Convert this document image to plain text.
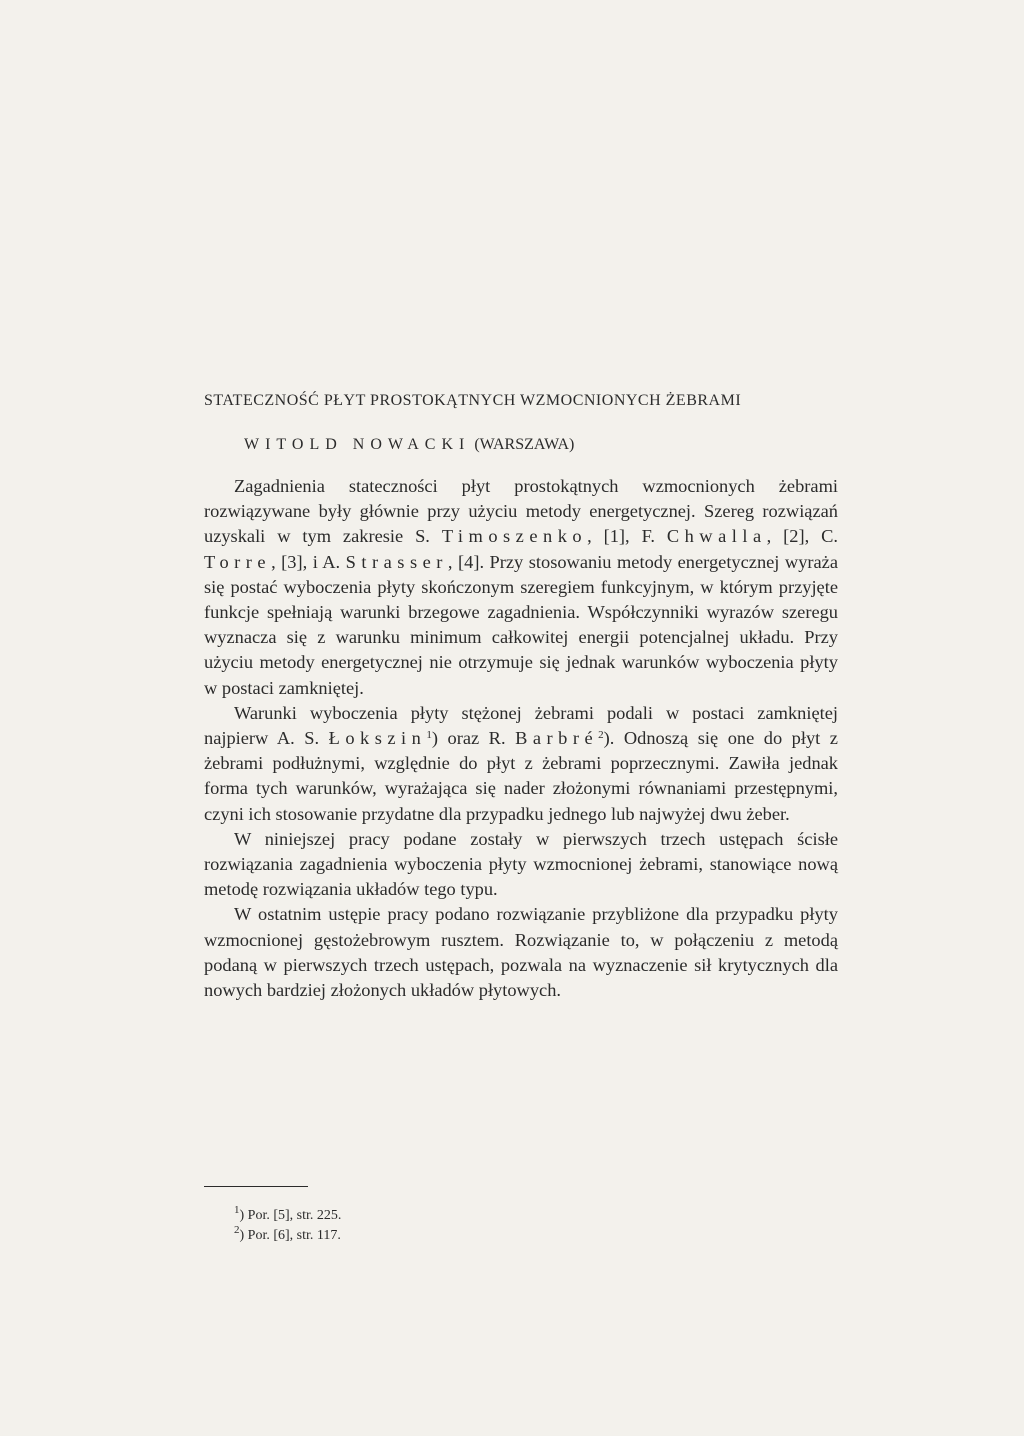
STATECZNOŚĆ PŁYT PROSTOKĄTNYCH WZMOCNIONYCH ŻEBRAMI
WITOLD NOWACKI (WARSZAWA)

Zagadnienia stateczności płyt prostokątnych wzmocnionych żebrami rozwiązywane były głównie przy użyciu metody energetycznej. Szereg rozwiązań uzyskali w tym zakresie S. Timoszenko, [1], F. Chwalla, [2], C. Torre, [3], i A. Strasser, [4]. Przy stosowaniu metody energetycznej wyraża się postać wyboczenia płyty skończonym szeregiem funkcyjnym, w którym przyjęte funkcje spełniają warunki brzegowe zagadnienia. Współczynniki wyrazów szeregu wyznacza się z warunku minimum całkowitej energii potencjalnej układu. Przy użyciu metody energetycznej nie otrzymuje się jednak warunków wyboczenia płyty w postaci zamkniętej.

Warunki wyboczenia płyty stężonej żebrami podali w postaci zamkniętej najpierw A. S. Łokszin$^1$) oraz R. Barbré$^2$). Odnoszą się one do płyt z żebrami podłużnymi, względnie do płyt z żebrami poprzecznymi. Zawiła jednak forma tych warunków, wyrażająca się nader złożonymi równaniami przestępnymi, czyni ich stosowanie przydatne dla przypadku jednego lub najwyżej dwu żeber.

W niniejszej pracy podane zostały w pierwszych trzech ustępach ścisłe rozwiązania zagadnienia wyboczenia płyty wzmocnionej żebrami, stanowiące nową metodę rozwiązania układów tego typu.

W ostatnim ustępie pracy podano rozwiązanie przybliżone dla przypadku płyty wzmocnionej gęstożebrowym rusztem. Rozwiązanie to, w połączeniu z metodą podaną w pierwszych trzech ustępach, pozwala na wyznaczenie sił krytycznych dla nowych bardziej złożonych układów płytowych.

$^1$) Por. [5], str. 225.
$^2$) Por. [6], str. 117.
